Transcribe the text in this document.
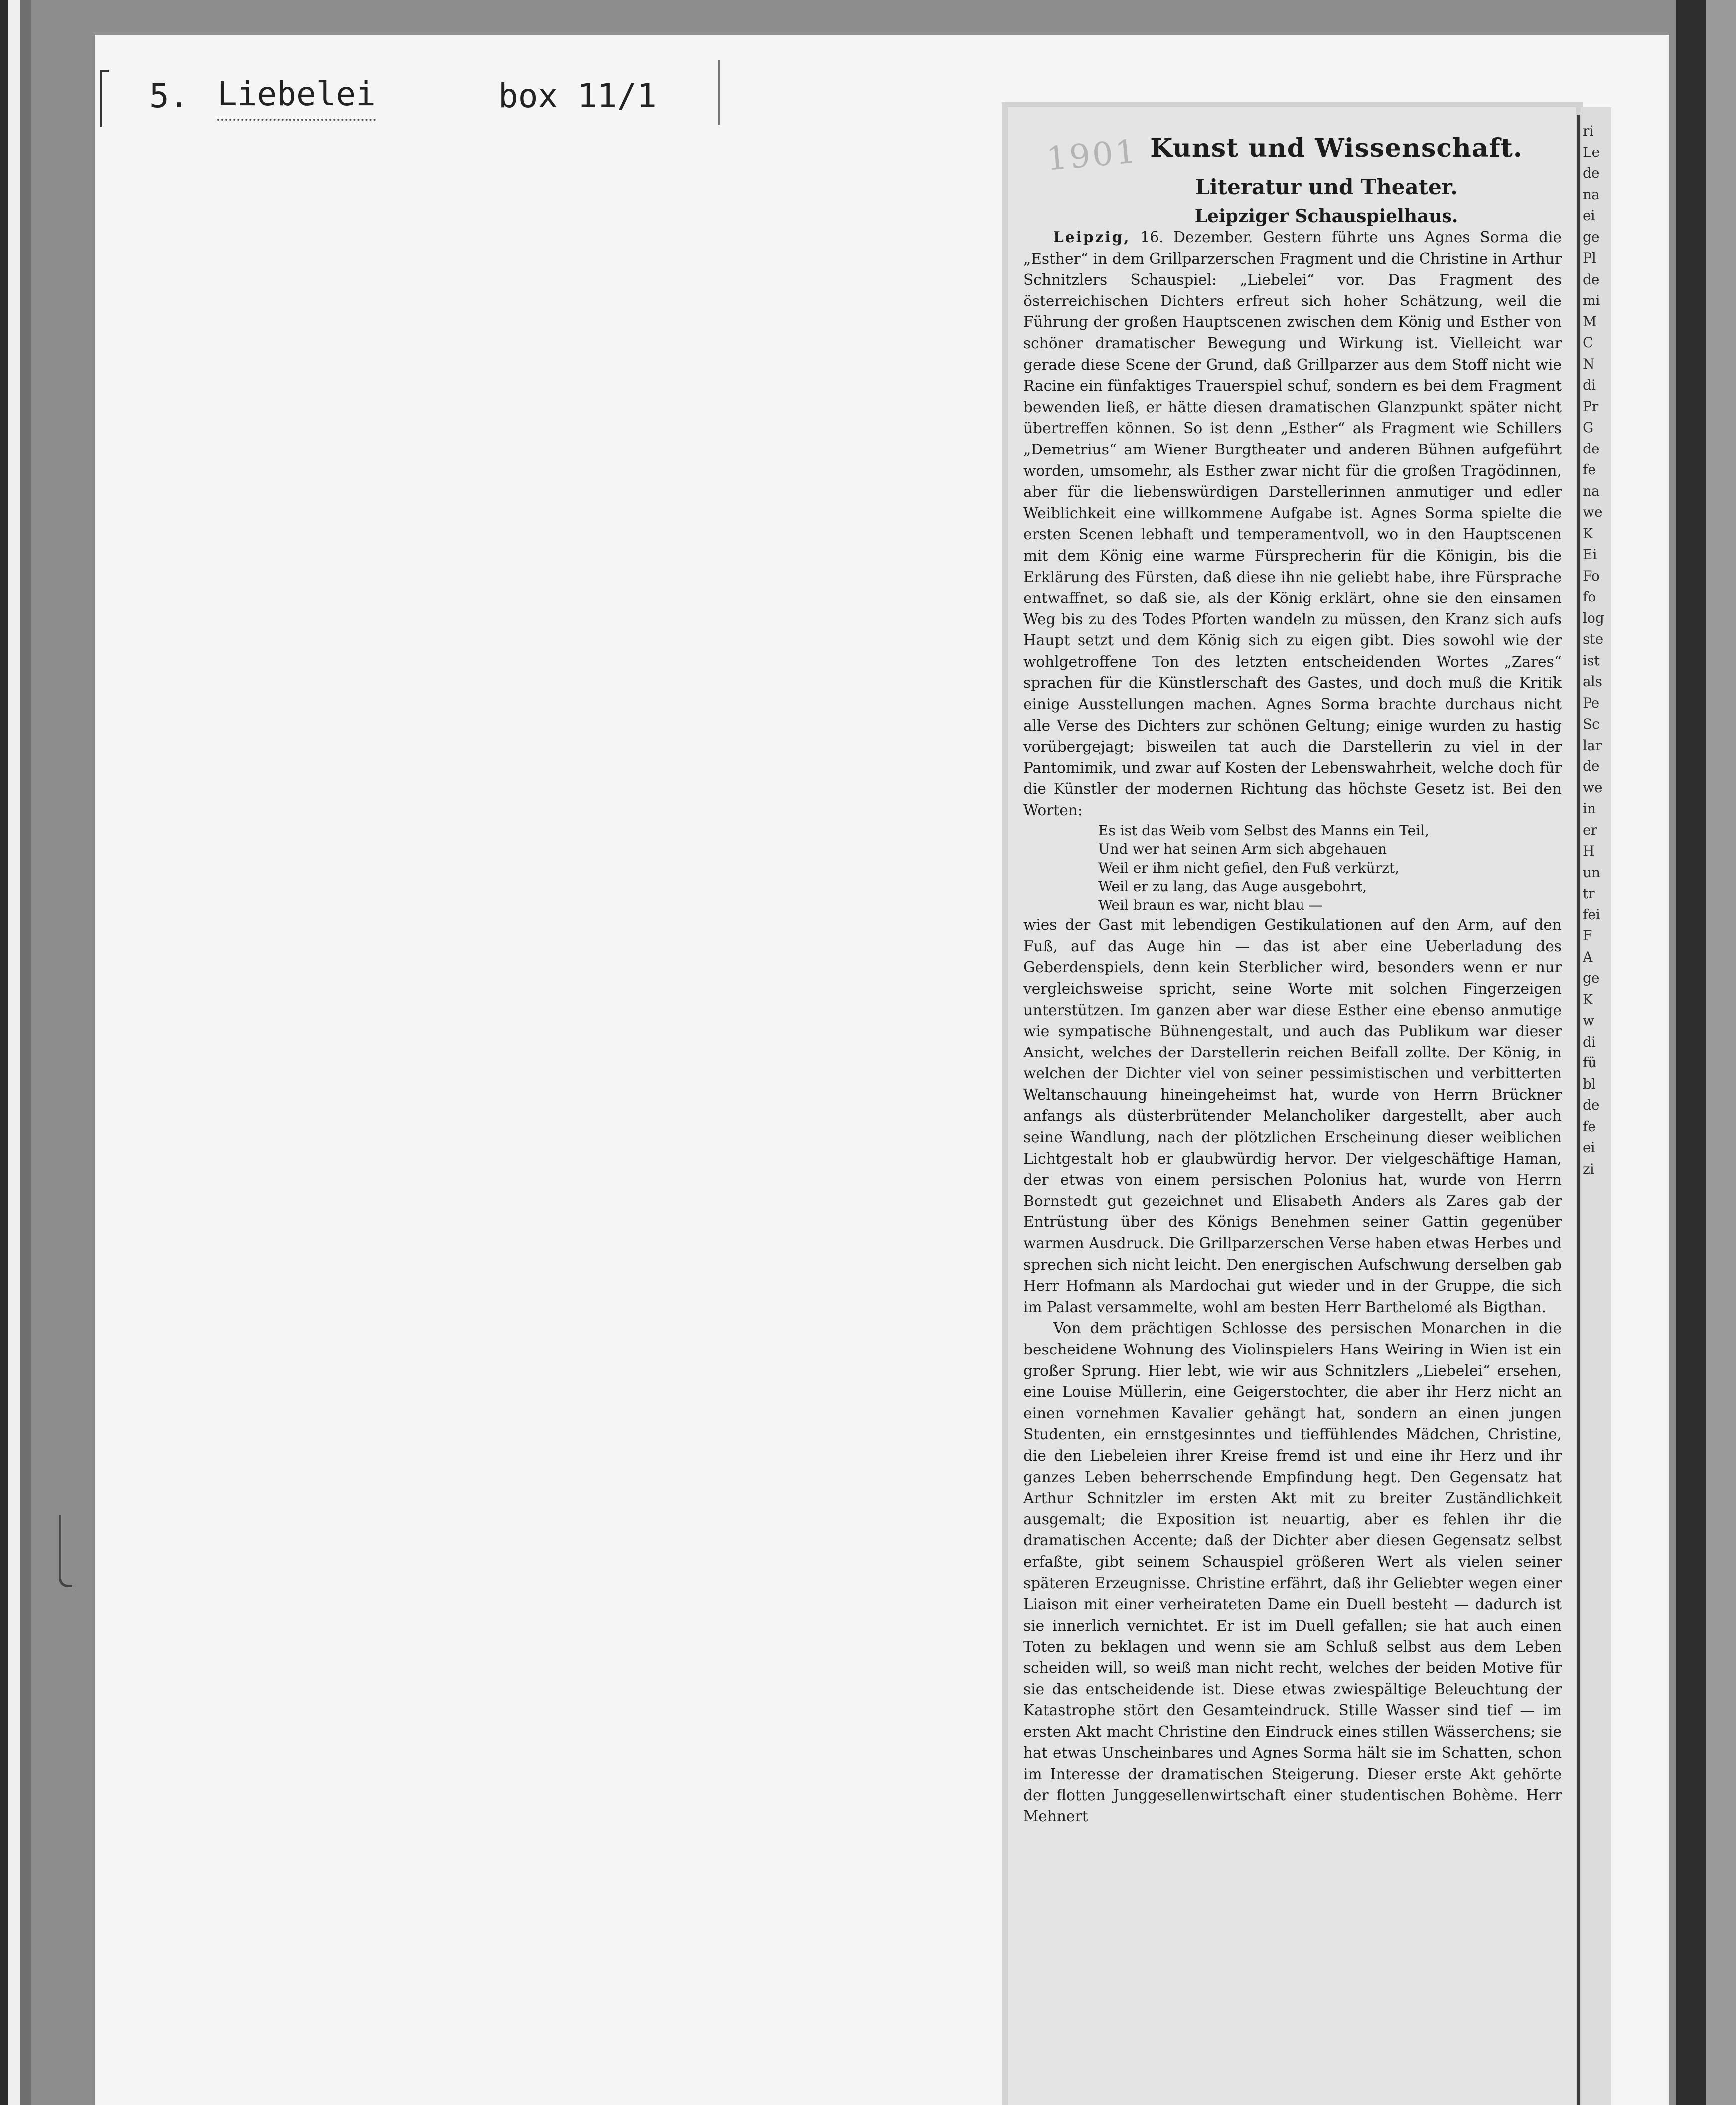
5. Liebelei	box 11/1
1901 Kunst und Wissenschaft.
Literatur und Theater.
Leipziger Schauspielhaus.

Leipzig, 16. Dezember. Gestern führte uns Agnes Sorma die „Esther“ in dem Grillparzerschen Fragment und die Christine in Arthur Schnitzlers Schauspiel: „Liebelei“ vor. Das Fragment des österreichischen Dichters erfreut sich hoher Schätzung, weil die Führung der großen Hauptscenen zwischen dem König und Esther von schöner dramatischer Bewegung und Wirkung ist. Vielleicht war gerade diese Scene der Grund, daß Grillparzer aus dem Stoff nicht wie Racine ein fünfaktiges Trauerspiel schuf, sondern es bei dem Fragment bewenden ließ, er hätte diesen dramatischen Glanzpunkt später nicht übertreffen können. So ist denn „Esther“ als Fragment wie Schillers „Demetrius“ am Wiener Burgtheater und anderen Bühnen aufgeführt worden, umsomehr, als Esther zwar nicht für die großen Tragödinnen, aber für die liebenswürdigen Darstellerinnen anmutiger und edler Weiblichkeit eine willkommene Aufgabe ist. Agnes Sorma spielte die ersten Scenen lebhaft und temperamentvoll, wo in den Hauptscenen mit dem König eine warme Fürsprecherin für die Königin, bis die Erklärung des Fürsten, daß diese ihn nie geliebt habe, ihre Fürsprache entwaffnet, so daß sie, als der König erklärt, ohne sie den einsamen Weg bis zu des Todes Pforten wandeln zu müssen, den Kranz sich aufs Haupt setzt und dem König sich zu eigen gibt. Dies sowohl wie der wohlgetroffene Ton des letzten entscheidenden Wortes „Zares“ sprachen für die Künstlerschaft des Gastes, und doch muß die Kritik einige Ausstellungen machen. Agnes Sorma brachte durchaus nicht alle Verse des Dichters zur schönen Geltung; einige wurden zu hastig vorübergejagt; bisweilen tat auch die Darstellerin zu viel in der Pantomimik, und zwar auf Kosten der Lebenswahrheit, welche doch für die Künstler der modernen Richtung das höchste Gesetz ist. Bei den Worten:

Es ist das Weib vom Selbst des Manns ein Teil,
Und wer hat seinen Arm sich abgehauen
Weil er ihm nicht gefiel, den Fuß verkürzt,
Weil er zu lang, das Auge ausgebohrt,
Weil braun es war, nicht blau —

wies der Gast mit lebendigen Gestikulationen auf den Arm, auf den Fuß, auf das Auge hin — das ist aber eine Ueberladung des Geberdenspiels, denn kein Sterblicher wird, besonders wenn er nur vergleichsweise spricht, seine Worte mit solchen Fingerzeigen unterstützen. Im ganzen aber war diese Esther eine ebenso anmutige wie sympatische Bühnengestalt, und auch das Publikum war dieser Ansicht, welches der Darstellerin reichen Beifall zollte. Der König, in welchen der Dichter viel von seiner pessimistischen und verbitterten Weltanschauung hineingeheimst hat, wurde von Herrn Brückner anfangs als düsterbrütender Melancholiker dargestellt, aber auch seine Wandlung, nach der plötzlichen Erscheinung dieser weiblichen Lichtgestalt hob er glaubwürdig hervor. Der vielgeschäftige Haman, der etwas von einem persischen Polonius hat, wurde von Herrn Bornstedt gut gezeichnet und Elisabeth Anders als Zares gab der Entrüstung über des Königs Benehmen seiner Gattin gegenüber warmen Ausdruck. Die Grillparzerschen Verse haben etwas Herbes und sprechen sich nicht leicht. Den energischen Aufschwung derselben gab Herr Hofmann als Mardochai gut wieder und in der Gruppe, die sich im Palast versammelte, wohl am besten Herr Barthelomé als Bigthan.

Von dem prächtigen Schlosse des persischen Monarchen in die bescheidene Wohnung des Violinspielers Hans Weiring in Wien ist ein großer Sprung. Hier lebt, wie wir aus Schnitzlers „Liebelei“ ersehen, eine Louise Müllerin, eine Geigerstochter, die aber ihr Herz nicht an einen vornehmen Kavalier gehängt hat, sondern an einen jungen Studenten, ein ernstgesinntes und tieffühlendes Mädchen, Christine, die den Liebeleien ihrer Kreise fremd ist und eine ihr Herz und ihr ganzes Leben beherrschende Empfindung hegt. Den Gegensatz hat Arthur Schnitzler im ersten Akt mit zu breiter Zuständlichkeit ausgemalt; die Exposition ist neuartig, aber es fehlen ihr die dramatischen Accente; daß der Dichter aber diesen Gegensatz selbst erfaßte, gibt seinem Schauspiel größeren Wert als vielen seiner späteren Erzeugnisse. Christine erfährt, daß ihr Geliebter wegen einer Liaison mit einer verheirateten Dame ein Duell besteht — dadurch ist sie innerlich vernichtet. Er ist im Duell gefallen; sie hat auch einen Toten zu beklagen und wenn sie am Schluß selbst aus dem Leben scheiden will, so weiß man nicht recht, welches der beiden Motive für sie das entscheidende ist. Diese etwas zwiespältige Beleuchtung der Katastrophe stört den Gesamteindruck. Stille Wasser sind tief — im ersten Akt macht Christine den Eindruck eines stillen Wässerchens; sie hat etwas Unscheinbares und Agnes Sorma hält sie im Schatten, schon im Interesse der dramatischen Steigerung. Dieser erste Akt gehörte der flotten Junggesellenwirtschaft einer studentischen Bohème. Herr Mehnert

ri
Le
de
na
ei
ge
Pl
de
mi
M
C
N
di
Pr
G
de
fe
na
we
K
Ei
Fo
fo
log
ste
ist
als
Pe
Sc
lar
de
we
in
er
H
un
tr
fei
F
A
ge
K
w
di
fü
bl
de
fe
ei
zi
